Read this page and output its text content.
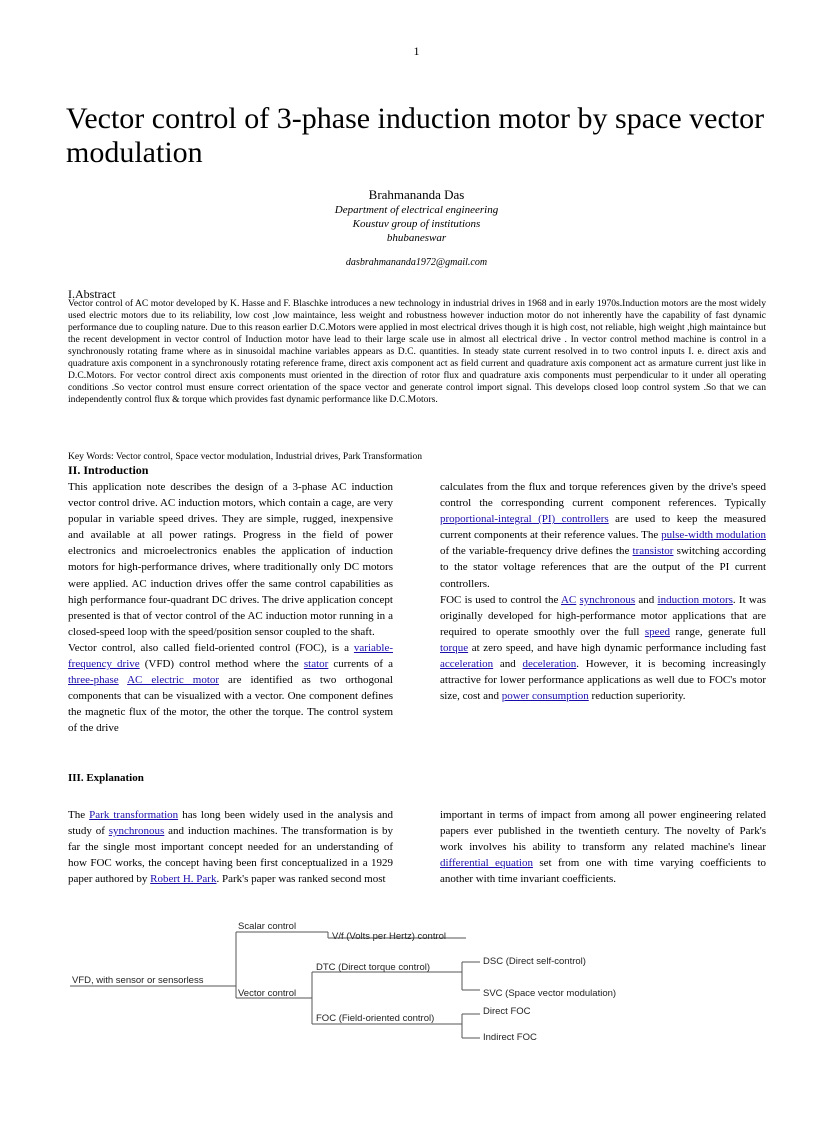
1
Vector control of 3-phase induction motor by space vector modulation
Brahmananda Das
Department of electrical engineering
Koustuv group of institutions
bhubaneswar
dasbrahmananda1972@gmail.com
I.Abstract
Vector control of AC motor developed by K. Hasse and F. Blaschke introduces a new technology in industrial drives in 1968 and in early 1970s.Induction motors are the most widely used electric motors due to its reliability, low cost ,low maintaince, less weight and robustness however induction motor do not inherently have the capability of fast dynamic performance due to coupling nature. Due to this reason earlier D.C.Motors were applied in most electrical drives though it is high cost, not reliable, high weight ,high maintaince but the recent development in vector control of Induction motor have lead to their large scale use in almost all electrical drive . In vector control method machine is control in a synchronously rotating frame where as in sinusoidal machine variables appears as D.C. quantities. In steady state current resolved in to two control inputs I. e. direct axis and quadrature axis component in a synchronously rotating reference frame, direct axis component act as field current and quadrature axis component act as armature current just like in D.C.Motors. For vector control direct axis components must oriented in the direction of rotor flux and quadrature axis components must perpendicular to it under all operating conditions .So vector control must ensure correct orientation of the space vector and generate control import signal. This develops closed loop control system .So that we can independently control flux & torque which provides fast dynamic performance like D.C.Motors.
Key Words: Vector control, Space vector modulation, Industrial drives, Park Transformation
II. Introduction

This application note describes the design of a 3-phase AC induction vector control drive. AC induction motors, which contain a cage, are very popular in variable speed drives. They are simple, rugged, inexpensive and available at all power ratings. Progress in the field of power electronics and microelectronics enables the application of induction motors for high-performance drives, where traditionally only DC motors were applied. AC induction drives offer the same control capabilities as high performance four-quadrant DC drives. The drive application concept presented is that of vector control of the AC induction motor running in a closed-speed loop with the speed/position sensor coupled to the shaft.

Vector control, also called field-oriented control (FOC), is a variable-frequency drive (VFD) control method where the stator currents of a three-phase AC electric motor are identified as two orthogonal components that can be visualized with a vector. One component defines the magnetic flux of the motor, the other the torque. The control system of the drive

calculates from the flux and torque references given by the drive's speed control the corresponding current component references. Typically proportional-integral (PI) controllers are used to keep the measured current components at their reference values. The pulse-width modulation of the variable-frequency drive defines the transistor switching according to the stator voltage references that are the output of the PI current controllers.

FOC is used to control the AC synchronous and induction motors. It was originally developed for high-performance motor applications that are required to operate smoothly over the full speed range, generate full torque at zero speed, and have high dynamic performance including fast acceleration and deceleration. However, it is becoming increasingly attractive for lower performance applications as well due to FOC's motor size, cost and power consumption reduction superiority.

III. Explanation

The Park transformation has long been widely used in the analysis and study of synchronous and induction machines. The transformation is by far the single most important concept needed for an understanding of how FOC works, the concept having been first conceptualized in a 1929 paper authored by Robert H. Park. Park's paper was ranked second most

important in terms of impact from among all power engineering related papers ever published in the twentieth century. The novelty of Park's work involves his ability to transform any related machine's linear differential equation set from one with time varying coefficients to another with time invariant coefficients.

VFD, with sensor or sensorless
Scalar control
V/f (Volts per Hertz) control
Vector control
DTC (Direct torque control)
DSC (Direct self-control)
SVC (Space vector modulation)
FOC (Field-oriented control)
Direct FOC
Indirect FOC
